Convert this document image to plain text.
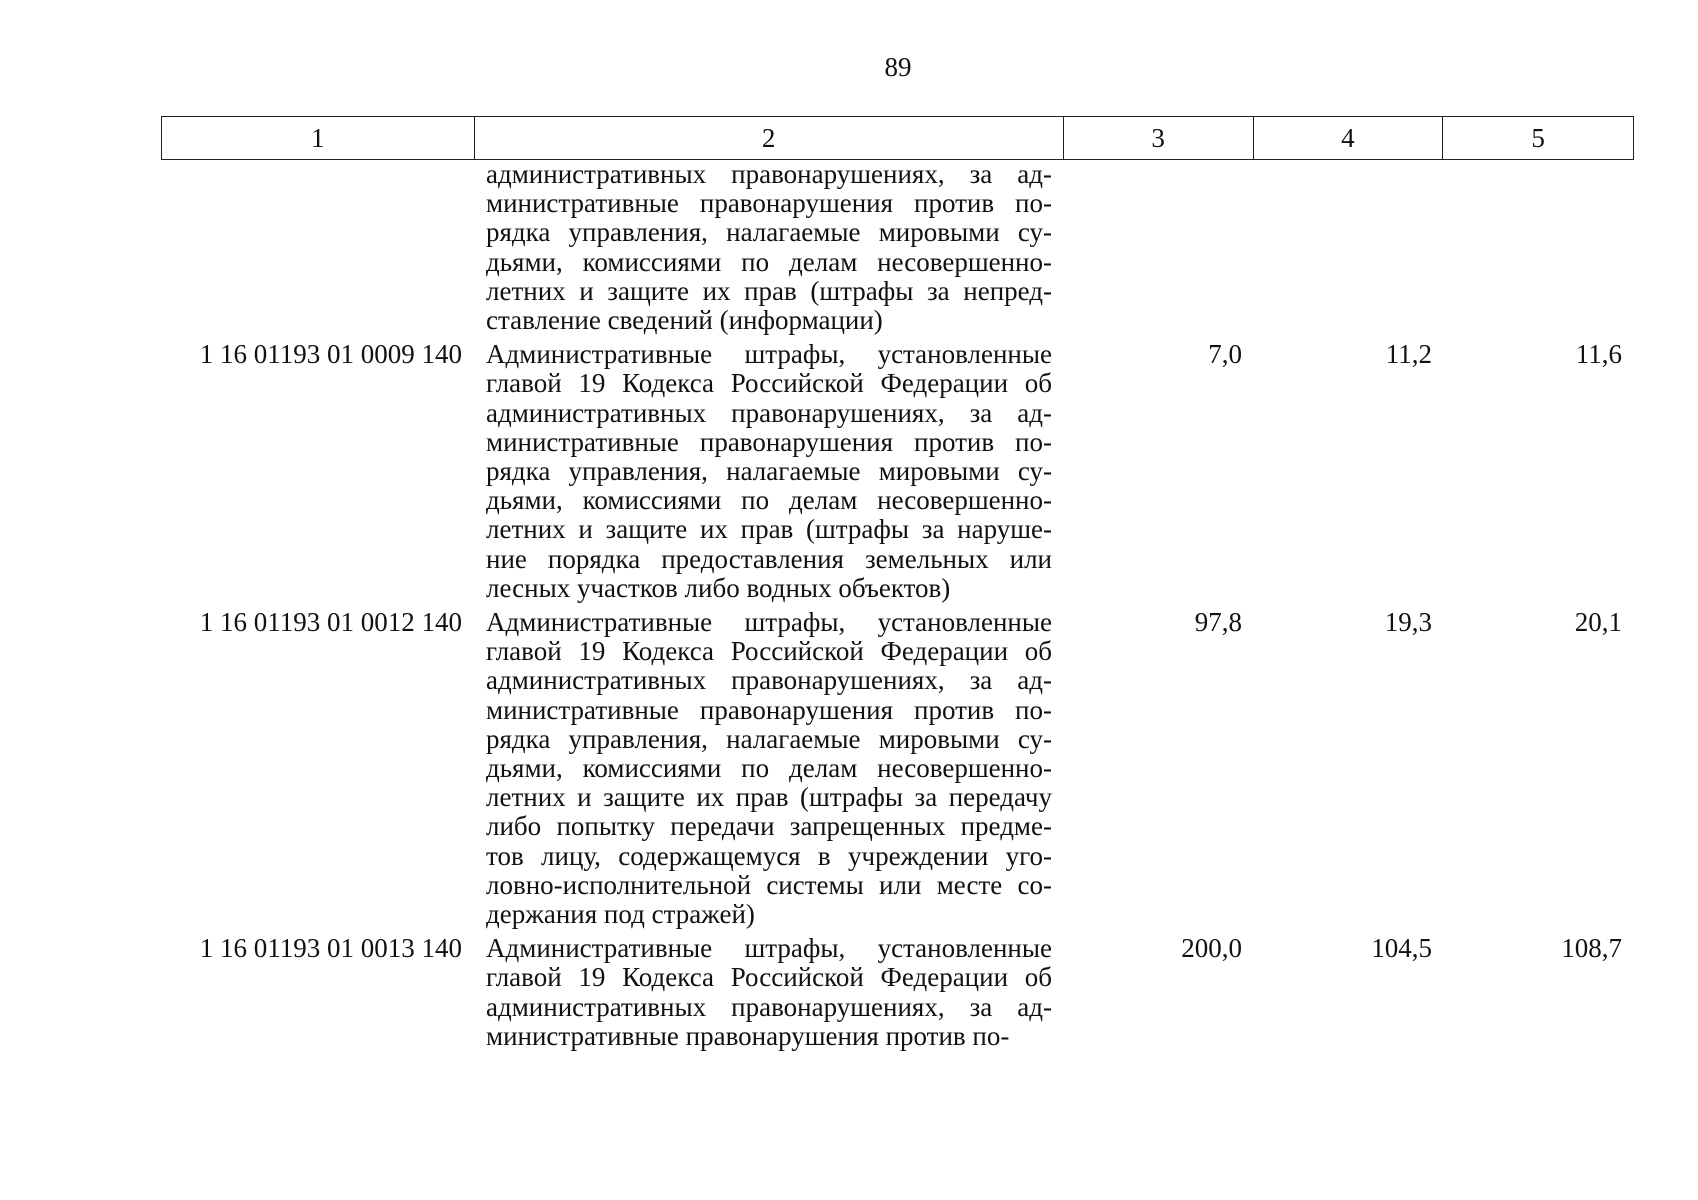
89
1	2	3	4	5
административных правонарушениях, за ад-
министративные правонарушения против по-
рядка управления, налагаемые мировыми су-
дьями, комиссиями по делам несовершенно-
летних и защите их прав (штрафы за непред-
ставление сведений (информации)
1 16 01193 01 0009 140 Административные штрафы, установленные
главой 19 Кодекса Российской Федерации об
административных правонарушениях, за ад-
министративные правонарушения против по-
рядка управления, налагаемые мировыми су-
дьями, комиссиями по делам несовершенно-
летних и защите их прав (штрафы за наруше-
ние порядка предоставления земельных или
лесных участков либо водных объектов)
7,0	11,2	11,6
1 16 01193 01 0012 140 Административные штрафы, установленные
главой 19 Кодекса Российской Федерации об
административных правонарушениях, за ад-
министративные правонарушения против по-
рядка управления, налагаемые мировыми су-
дьями, комиссиями по делам несовершенно-
летних и защите их прав (штрафы за передачу
либо попытку передачи запрещенных предме-
тов лицу, содержащемуся в учреждении уго-
ловно-исполнительной системы или месте со-
держания под стражей)
97,8	19,3	20,1
1 16 01193 01 0013 140 Административные штрафы, установленные
главой 19 Кодекса Российской Федерации об
административных правонарушениях, за ад-
министративные правонарушения против по-
200,0	104,5	108,7
